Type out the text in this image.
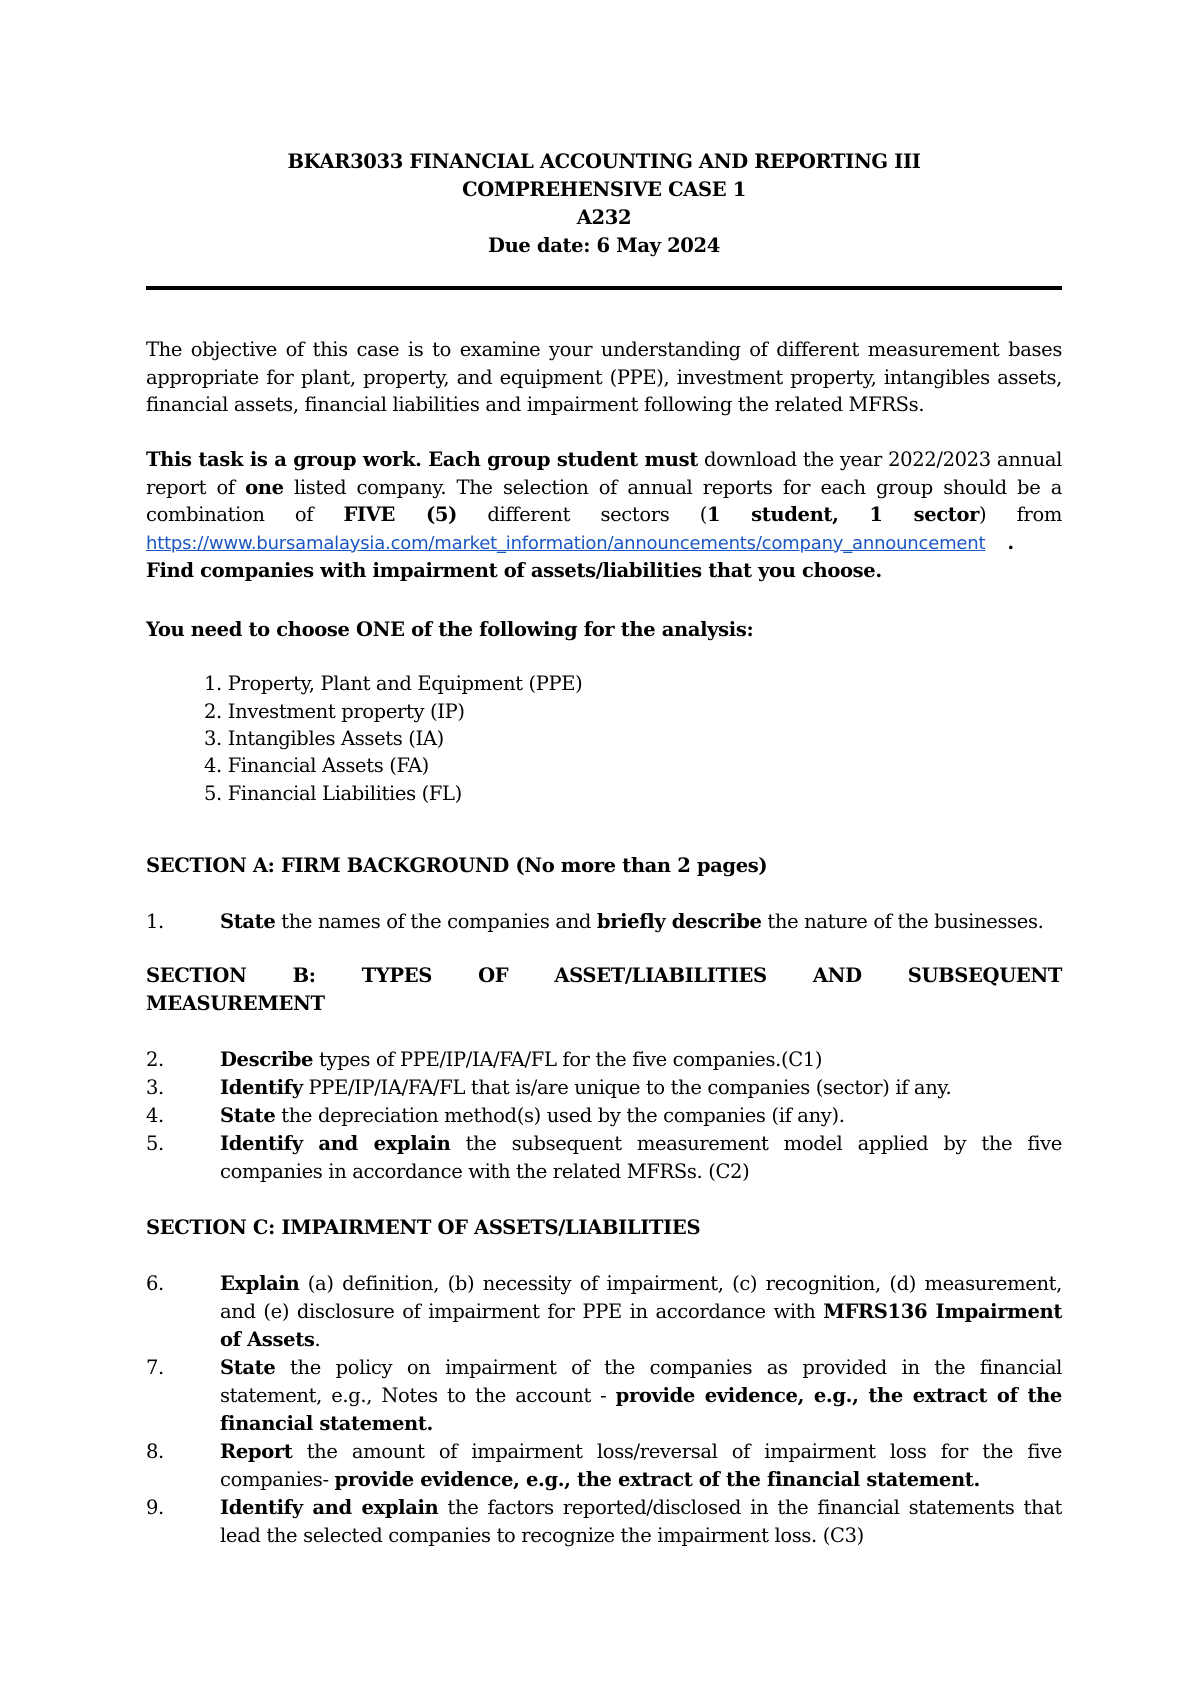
BKAR3033 FINANCIAL ACCOUNTING AND REPORTING III
COMPREHENSIVE CASE 1
A232
Due date: 6 May 2024
The objective of this case is to examine your understanding of different measurement bases
appropriate for plant, property, and equipment (PPE), investment property, intangibles assets,
financial assets, financial liabilities and impairment following the related MFRSs.
This task is a group work. Each group student must download the year 2022/2023 annual
report of one listed company. The selection of annual reports for each group should be a
combination of FIVE (5) different sectors (1 student, 1 sector) from
https://www.bursamalaysia.com/market_information/announcements/company_announcement .
Find companies with impairment of assets/liabilities that you choose.
You need to choose ONE of the following for the analysis:
1. Property, Plant and Equipment (PPE)
2. Investment property (IP)
3. Intangibles Assets (IA)
4. Financial Assets (FA)
5. Financial Liabilities (FL)
SECTION A: FIRM BACKGROUND (No more than 2 pages)
1.	State the names of the companies and briefly describe the nature of the businesses.
SECTION B: TYPES OF ASSET/LIABILITIES AND SUBSEQUENT
MEASUREMENT
2.	Describe types of PPE/IP/IA/FA/FL for the five companies.(C1)
3.	Identify PPE/IP/IA/FA/FL that is/are unique to the companies (sector) if any.
4.	State the depreciation method(s) used by the companies (if any).
5.	Identify and explain the subsequent measurement model applied by the five
companies in accordance with the related MFRSs. (C2)
SECTION C: IMPAIRMENT OF ASSETS/LIABILITIES
6.	Explain (a) definition, (b) necessity of impairment, (c) recognition, (d) measurement,
and (e) disclosure of impairment for PPE in accordance with MFRS136 Impairment
of Assets.
7.	State the policy on impairment of the companies as provided in the financial
statement, e.g., Notes to the account - provide evidence, e.g., the extract of the
financial statement.
8.	Report the amount of impairment loss/reversal of impairment loss for the five
companies- provide evidence, e.g., the extract of the financial statement.
9.	Identify and explain the factors reported/disclosed in the financial statements that
lead the selected companies to recognize the impairment loss. (C3)
